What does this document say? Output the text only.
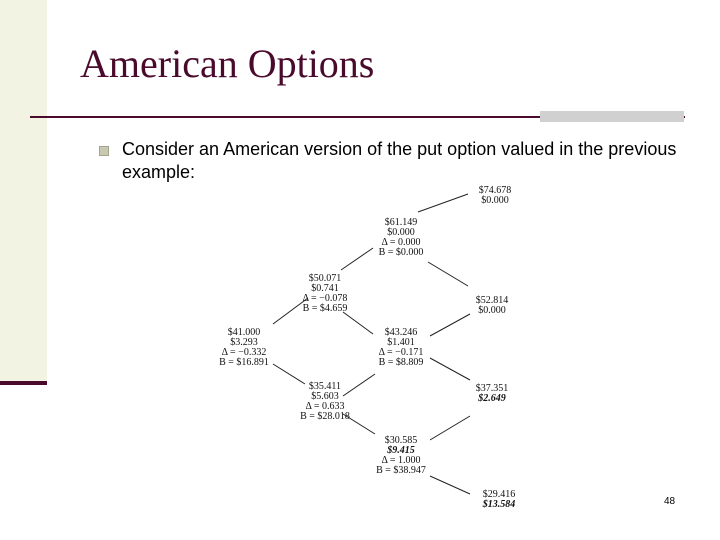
American Options
Consider an American version of the put option valued in the previous example:
$74.678
$0.000
$61.149
$0.000
Δ = 0.000
B = $0.000
$50.071
$0.741
Δ = −0.078
B = $4.659
$52.814
$0.000
$41.000
$3.293
Δ = −0.332
B = $16.891
$43.246
$1.401
Δ = −0.171
B = $8.809
$35.411
$5.603
Δ = 0.633
B = $28.018
$37.351
$2.649
$30.585
$9.415
Δ = 1.000
B = $38.947
$29.416
$13.584	48
